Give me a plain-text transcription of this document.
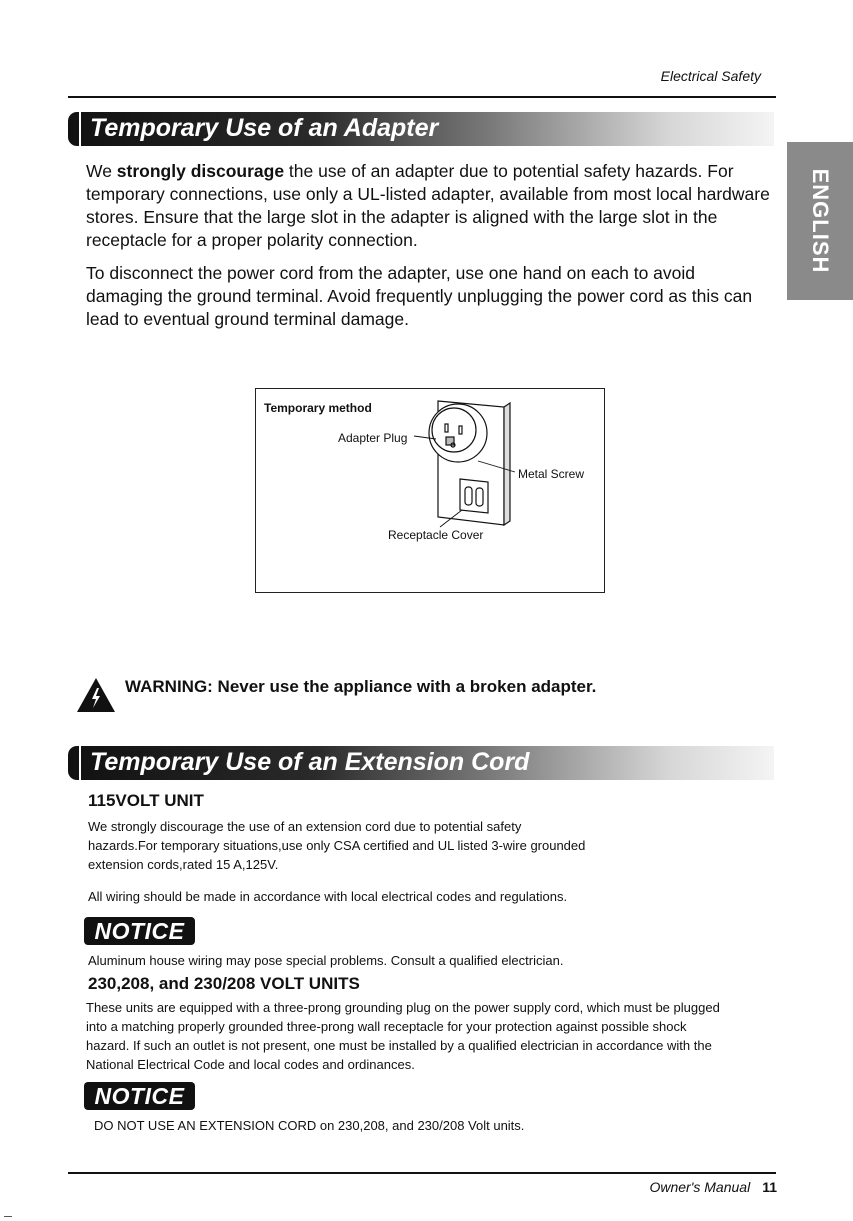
Electrical Safety
Temporary Use of an Adapter
ENGLISH
We strongly discourage the use of an adapter due to potential safety hazards. For temporary connections, use only a UL-listed adapter, available from most local hardware stores. Ensure that the large slot in the adapter is aligned with the large slot in the receptacle for a proper polarity connection.
To disconnect the power cord from the adapter, use one hand on each to avoid damaging the ground terminal. Avoid frequently unplugging the power cord as this can lead to eventual ground terminal damage.
Temporary method
Adapter Plug
Metal Screw
Receptacle Cover
WARNING: Never use the appliance with a broken adapter.
Temporary Use of an Extension Cord
115VOLT UNIT
We strongly discourage the use of an extension cord due to potential safety hazards.For temporary situations,use only CSA certified and UL listed 3-wire grounded extension cords,rated 15 A,125V.
All wiring should be made in accordance with local electrical codes and regulations.
NOTICE
Aluminum house wiring may pose special problems. Consult a qualified electrician.
230,208, and 230/208 VOLT UNITS
These units are equipped with a three-prong grounding plug on the power supply cord, which must be plugged into a matching properly grounded three-prong wall receptacle for your protection against possible shock hazard. If such an outlet is not present, one must be installed by a qualified electrician in accordance with the National Electrical Code and local codes and ordinances.
NOTICE
DO NOT USE AN EXTENSION CORD on 230,208, and 230/208 Volt units.
Owner's Manual 11
